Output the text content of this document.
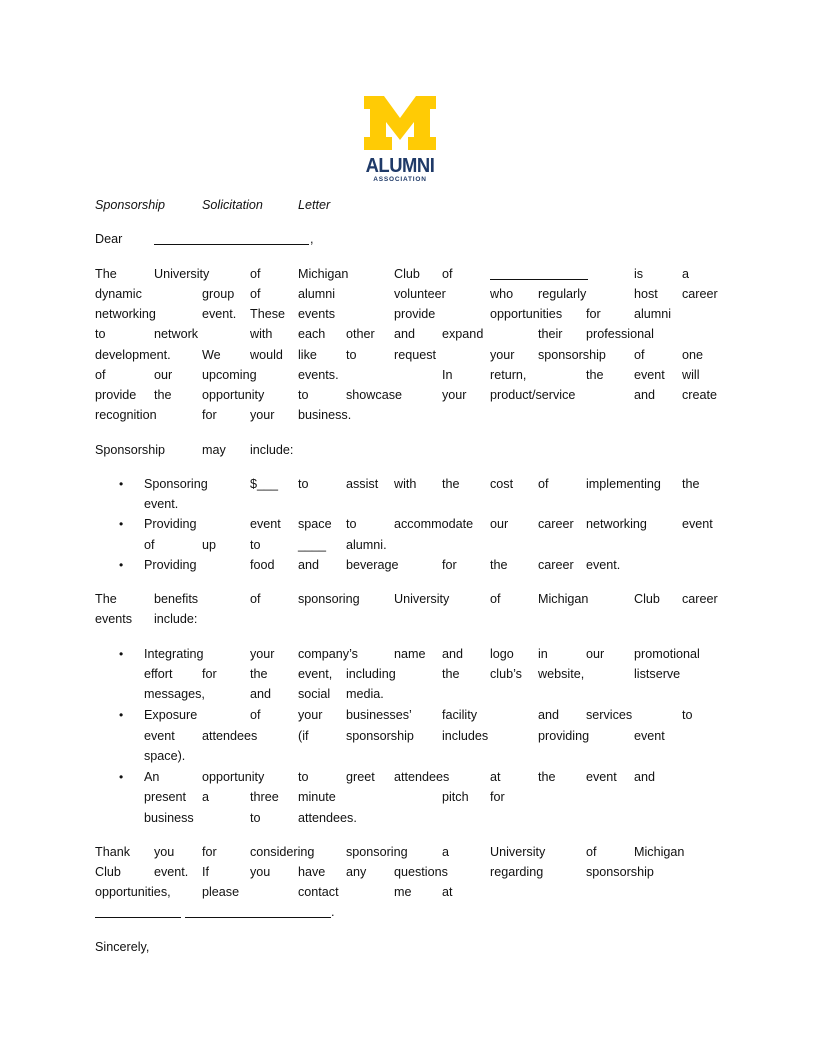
ALUMNI
ASSOCIATION
Sponsorship	Solicitation	Letter
Dear	,
The	University	of	Michigan	Club of	is	a
dynamic	group of	alumni	volunteer	who regularly	host career
networking	event. These events	provide	opportunities for	alumni
to	network	with each other and expand	their professional
development. We would like to	request	your sponsorship of	one
of	our upcoming	events.	In	return,	the event will
provide the opportunity	to	showcase	your product/service	and create
recognition	for	your business.
Sponsorship	may include:
• Sponsoring	$___ to	assist with the cost of	implementing the
event.
• Providing	event space to	accommodate our career networking	event
of	up	to	____ alumni.
• Providing	food and beverage	for	the career event.
The	benefits	of	sponsoring	University	of	Michigan	Club career
events include:
• Integrating	your company’s	name and logo in	our promotional
effort for	the event, including	the club’s website,	listserve
messages,	and social media.
• Exposure	of	your businesses’ facility	and services	to
event attendees	(if	sponsorship includes	providing	event
space).
• An	opportunity	to	greet attendees	at	the event and
present a	three minute	pitch for
business	to	attendees.
Thank you for	considering	sponsoring	a	University	of	Michigan
Club	event. If	you have any questions	regarding	sponsorship
opportunities, please	contact	me at
.
Sincerely,
